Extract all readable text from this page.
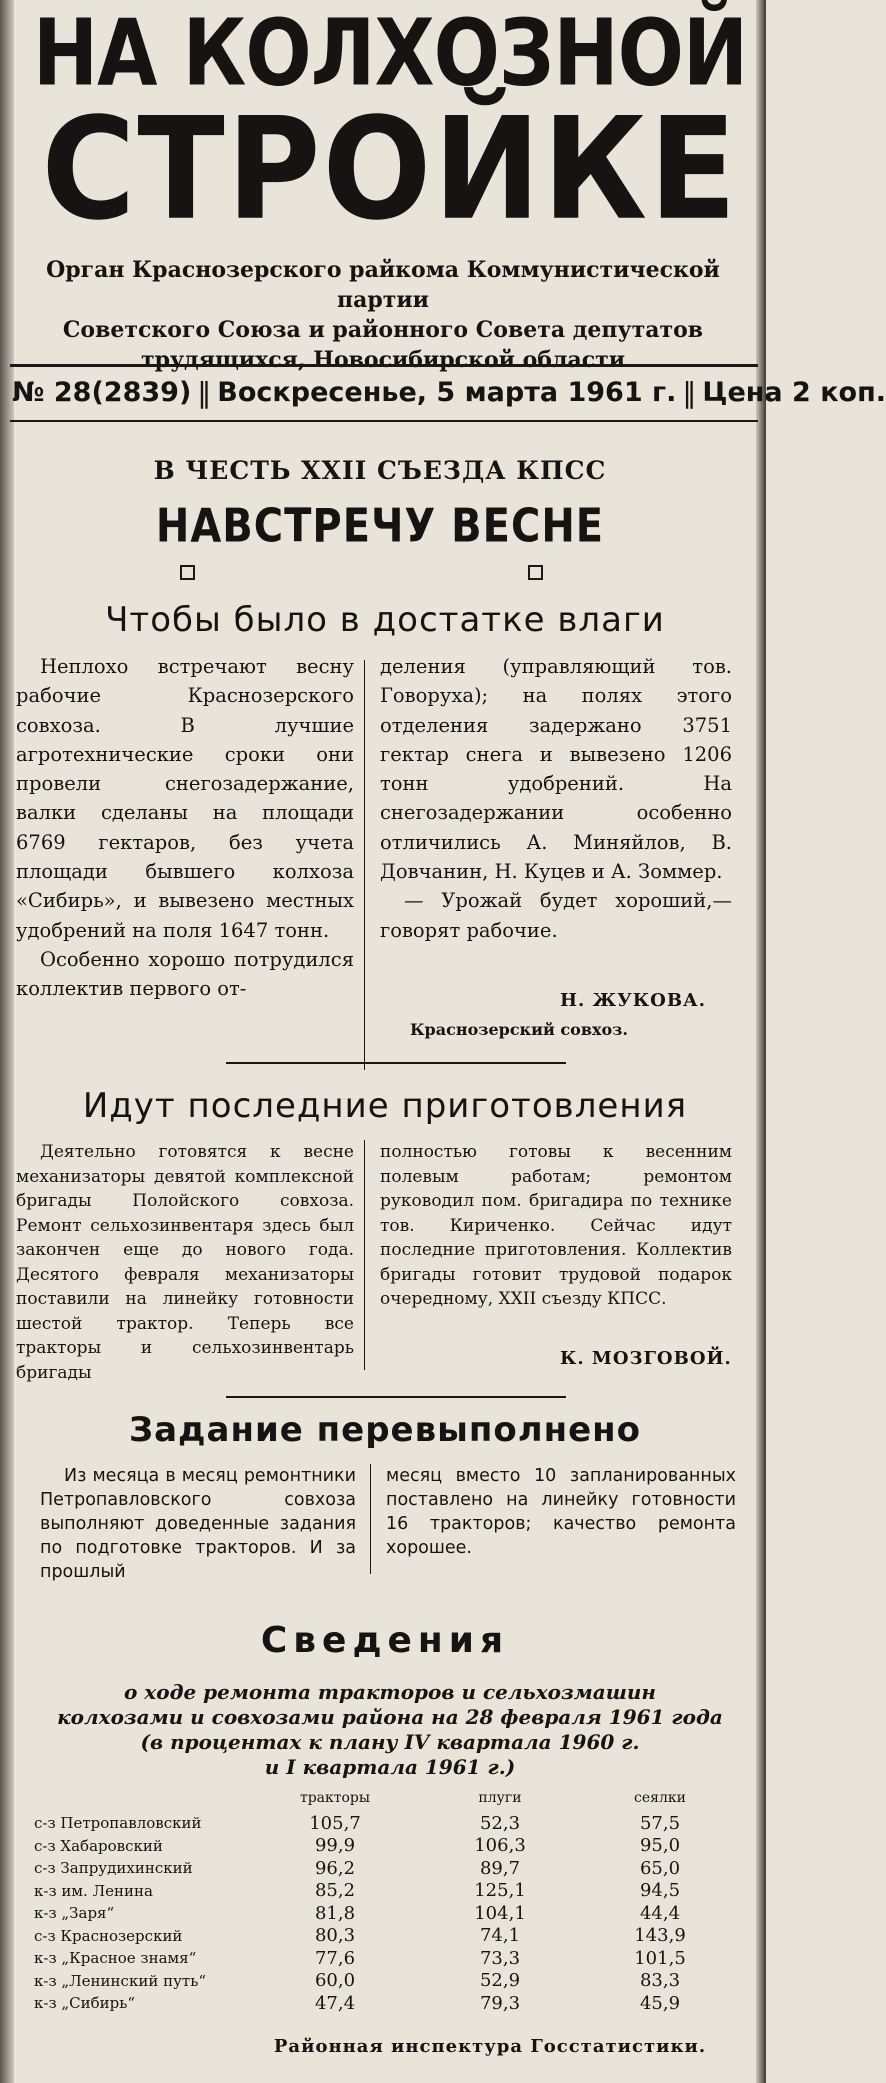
НА КОЛХОЗНОЙ
СТРОЙКЕ
Орган Краснозерского райкома Коммунистической партии
Советского Союза и районного Совета депутатов
трудящихся, Новосибирской области
№ 28(2839) ‖ Воскресенье, 5 марта 1961 г. ‖ Цена 2 коп.
В ЧЕСТЬ XXII СЪЕЗДА КПСС
НАВСТРЕЧУ ВЕСНЕ
Чтобы было в достатке влаги

Неплохо встречают весну рабочие Краснозерского совхоза. В лучшие агротехнические сроки они провели снегозадержание, валки сделаны на площади 6769 гектаров, без учета площади бывшего колхоза «Сибирь», и вывезено местных удобрений на поля 1647 тонн.

Особенно хорошо потрудился коллектив первого от-

деления (управляющий тов. Говоруха); на полях этого отделения задержано 3751 гектар снега и вывезено 1206 тонн удобрений. На снегозадержании особенно отличились А. Миняйлов, В. Довчанин, Н. Куцев и А. Зоммер.

— Урожай будет хороший,—говорят рабочие.

Н. ЖУКОВА.
Краснозерский совхоз.
Идут последние приготовления

Деятельно готовятся к весне механизаторы девятой комплексной бригады Полойского совхоза. Ремонт сельхозинвентаря здесь был закончен еще до нового года. Десятого февраля механизаторы поставили на линейку готовности шестой трактор. Теперь все тракторы и сельхозинвентарь бригады

полностью готовы к весенним полевым работам; ремонтом руководил пом. бригадира по технике тов. Кириченко. Сейчас идут последние приготовления. Коллектив бригады готовит трудовой подарок очередному, XXII съезду КПСС.

К. МОЗГОВОЙ.
Задание перевыполнено

Из месяца в месяц ремонтники Петропавловского совхоза выполняют доведенные задания по подготовке тракторов. И за прошлый

месяц вместо 10 запланированных поставлено на линейку готовности 16 тракторов; качество ремонта хорошее.

Сведения
о ходе ремонта тракторов и сельхозмашин
колхозами и совхозами района на 28 февраля 1961 года
(в процентах к плану IV квартала 1960 г.
и I квартала 1961 г.)
	тракторы	плуги	сеялки
с-з Петропавловский	105,7	52,3	57,5
с-з Хабаровский	99,9	106,3	95,0
с-з Запрудихинский	96,2	89,7	65,0
к-з им. Ленина	85,2	125,1	94,5
к-з „Заря“	81,8	104,1	44,4
с-з Краснозерский	80,3	74,1	143,9
к-з „Красное знамя“	77,6	73,3	101,5
к-з „Ленинский путь“	60,0	52,9	83,3
к-з „Сибирь“	47,4	79,3	45,9
Районная инспектура Госстатистики.
